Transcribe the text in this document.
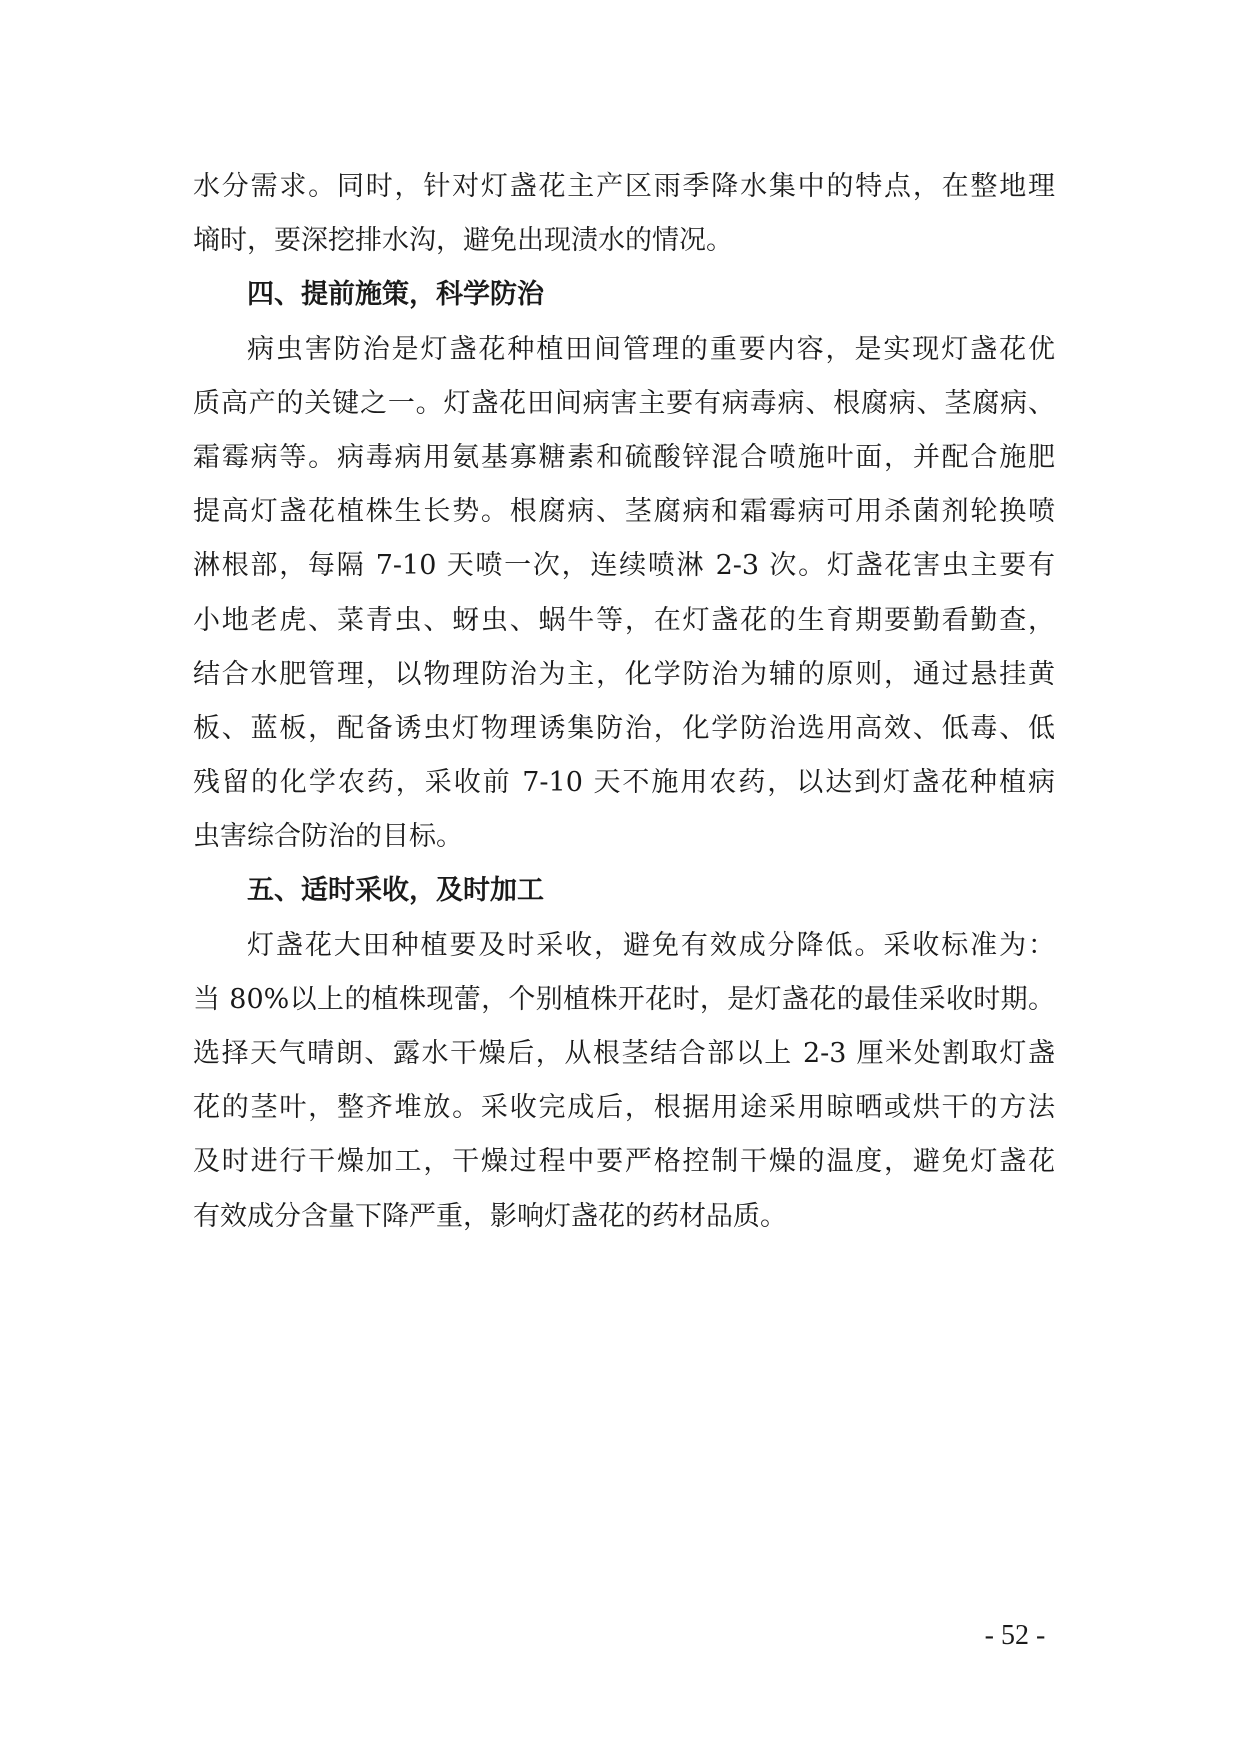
水分需求。同时，针对灯盏花主产区雨季降水集中的特点，在整地理
墒时，要深挖排水沟，避免出现渍水的情况。
四、提前施策，科学防治
病虫害防治是灯盏花种植田间管理的重要内容，是实现灯盏花优
质高产的关键之一。灯盏花田间病害主要有病毒病、根腐病、茎腐病、
霜霉病等。病毒病用氨基寡糖素和硫酸锌混合喷施叶面，并配合施肥
提高灯盏花植株生长势。根腐病、茎腐病和霜霉病可用杀菌剂轮换喷
淋根部，每隔 7-10 天喷一次，连续喷淋 2-3 次。灯盏花害虫主要有
小地老虎、菜青虫、蚜虫、蜗牛等，在灯盏花的生育期要勤看勤查，
结合水肥管理，以物理防治为主，化学防治为辅的原则，通过悬挂黄
板、蓝板，配备诱虫灯物理诱集防治，化学防治选用高效、低毒、低
残留的化学农药，采收前 7-10 天不施用农药，以达到灯盏花种植病
虫害综合防治的目标。
五、适时采收，及时加工
灯盏花大田种植要及时采收，避免有效成分降低。采收标准为：
当 80%以上的植株现蕾，个别植株开花时，是灯盏花的最佳采收时期。
选择天气晴朗、露水干燥后，从根茎结合部以上 2-3 厘米处割取灯盏
花的茎叶，整齐堆放。采收完成后，根据用途采用晾晒或烘干的方法
及时进行干燥加工，干燥过程中要严格控制干燥的温度，避免灯盏花
有效成分含量下降严重，影响灯盏花的药材品质。
- 52 -
